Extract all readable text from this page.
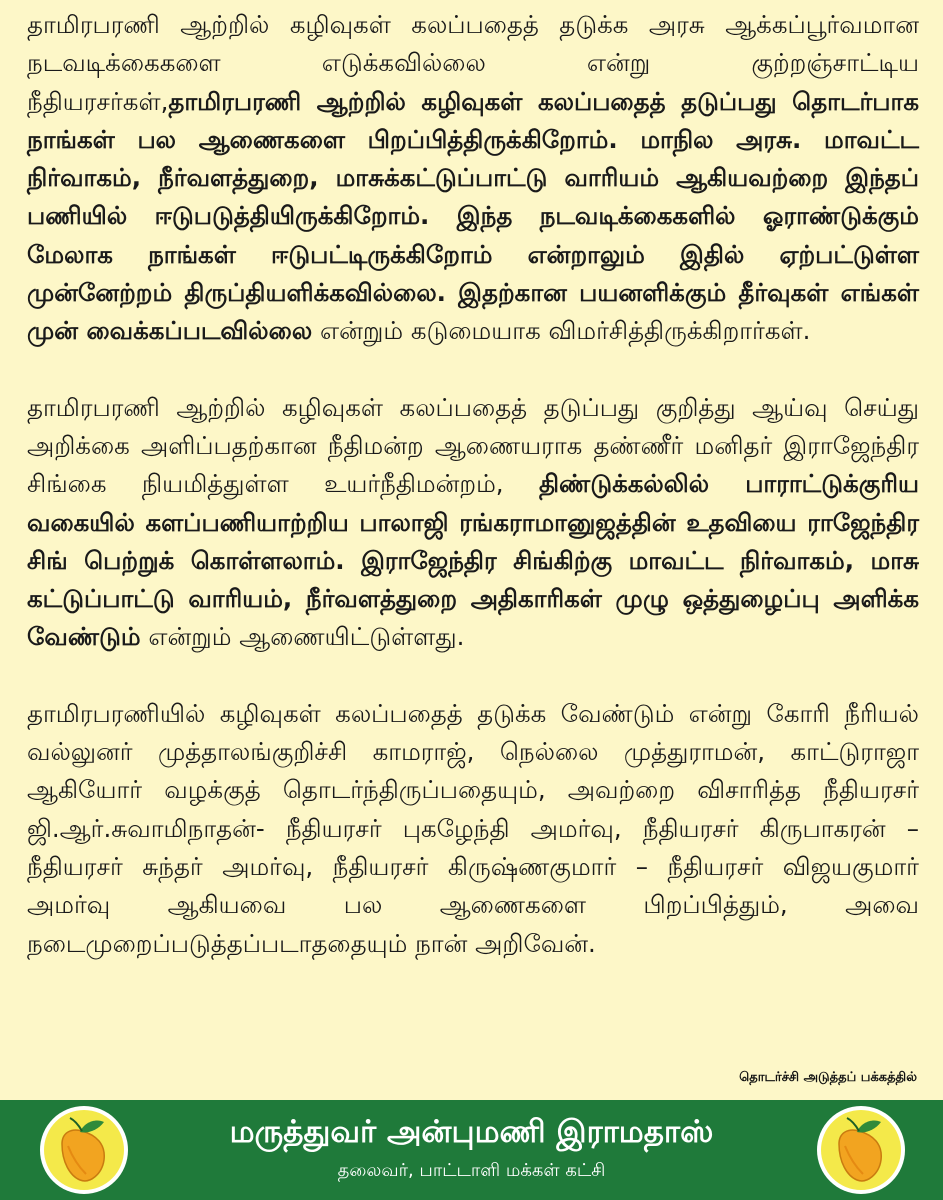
தாமிரபரணி ஆற்றில் கழிவுகள் கலப்பதைத் தடுக்க அரசு ஆக்கப்பூர்வமான நடவடிக்கைகளை எடுக்கவில்லை என்று குற்றஞ்சாட்டிய நீதியரசர்கள்,தாமிரபரணி ஆற்றில் கழிவுகள் கலப்பதைத் தடுப்பது தொடர்பாக நாங்கள் பல ஆணைகளை பிறப்பித்திருக்கிறோம். மாநில அரசு. மாவட்ட நிர்வாகம், நீர்வளத்துறை, மாசுக்கட்டுப்பாட்டு வாரியம் ஆகியவற்றை இந்தப் பணியில் ஈடுபடுத்தியிருக்கிறோம். இந்த நடவடிக்கைகளில் ஓராண்டுக்கும் மேலாக நாங்கள் ஈடுபட்டிருக்கிறோம் என்றாலும் இதில் ஏற்பட்டுள்ள முன்னேற்றம் திருப்தியளிக்கவில்லை. இதற்கான பயனளிக்கும் தீர்வுகள் எங்கள் முன் வைக்கப்படவில்லை என்றும் கடுமையாக விமர்சித்திருக்கிறார்கள்.

தாமிரபரணி ஆற்றில் கழிவுகள் கலப்பதைத் தடுப்பது குறித்து ஆய்வு செய்து அறிக்கை அளிப்பதற்கான நீதிமன்ற ஆணையராக தண்ணீர் மனிதர் இராஜேந்திர சிங்கை நியமித்துள்ள உயர்நீதிமன்றம், திண்டுக்கல்லில் பாராட்டுக்குரிய வகையில் களப்பணியாற்றிய பாலாஜி ரங்கராமானுஜத்தின் உதவியை ராஜேந்திர சிங் பெற்றுக் கொள்ளலாம். இராஜேந்திர சிங்கிற்கு மாவட்ட நிர்வாகம், மாசு கட்டுப்பாட்டு வாரியம், நீர்வளத்துறை அதிகாரிகள் முழு ஒத்துழைப்பு அளிக்க வேண்டும் என்றும் ஆணையிட்டுள்ளது.

தாமிரபரணியில் கழிவுகள் கலப்பதைத் தடுக்க வேண்டும் என்று கோரி நீரியல் வல்லுனர் முத்தாலங்குறிச்சி காமராஜ், நெல்லை முத்துராமன், காட்டுராஜா ஆகியோர் வழக்குத் தொடர்ந்திருப்பதையும், அவற்றை விசாரித்த நீதியரசர் ஜி.ஆர்.சுவாமிநாதன்- நீதியரசர் புகழேந்தி அமர்வு, நீதியரசர் கிருபாகரன் – நீதியரசர் சுந்தர் அமர்வு, நீதியரசர் கிருஷ்ணகுமார் – நீதியரசர் விஜயகுமார் அமர்வு ஆகியவை பல ஆணைகளை பிறப்பித்தும், அவை நடைமுறைப்படுத்தப்படாததையும் நான் அறிவேன்.

தொடர்ச்சி அடுத்தப் பக்கத்தில்
மருத்துவர் அன்புமணி இராமதாஸ்
தலைவர், பாட்டாளி மக்கள் கட்சி
